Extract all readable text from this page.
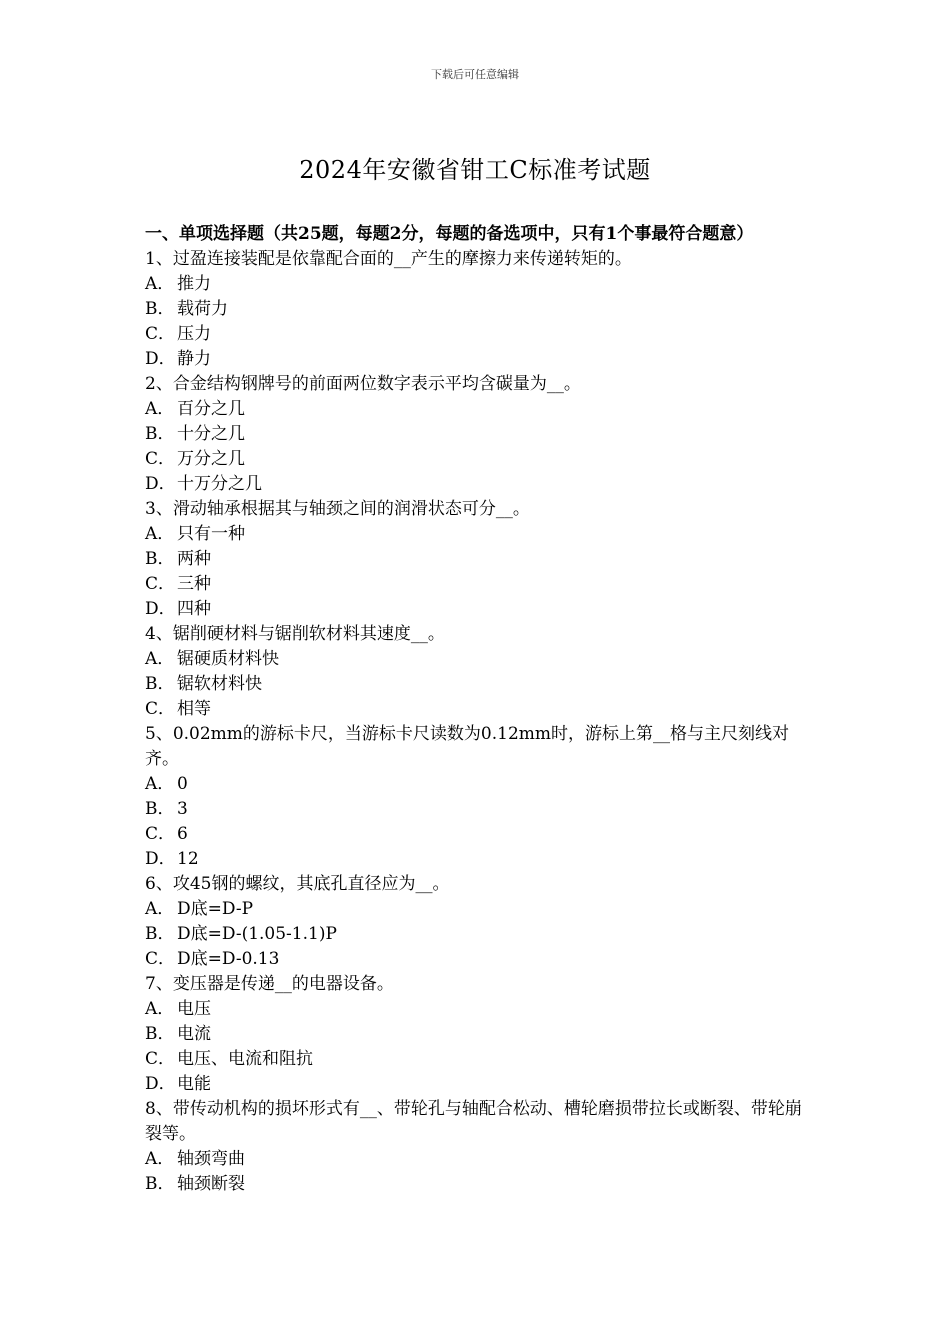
下载后可任意编辑
2024年安徽省钳工C标准考试题

一、单项选择题（共25题，每题2分，每题的备选项中，只有1个事最符合题意）

1、过盈连接装配是依靠配合面的__产生的摩擦力来传递转矩的。

A． 推力

B． 载荷力

C． 压力

D．静力

2、合金结构钢牌号的前面两位数字表示平均含碳量为__。

A． 百分之几

B． 十分之几

C． 万分之几

D．十万分之几

3、滑动轴承根据其与轴颈之间的润滑状态可分__。

A． 只有一种

B． 两种

C． 三种

D．四种

4、锯削硬材料与锯削软材料其速度__。

A． 锯硬质材料快

B． 锯软材料快

C． 相等

5、0.02mm的游标卡尺，当游标卡尺读数为0.12mm时，游标上第__格与主尺刻线对齐。

A． 0

B． 3

C． 6

D．12

6、攻45钢的螺纹，其底孔直径应为__。

A． D底=D-P

B． D底=D-(1.05-1.1)P

C． D底=D-0.13

7、变压器是传递__的电器设备。

A． 电压

B． 电流

C． 电压、电流和阻抗

D．电能

8、带传动机构的损坏形式有__、带轮孔与轴配合松动、槽轮磨损带拉长或断裂、带轮崩裂等。

A． 轴颈弯曲

B． 轴颈断裂
